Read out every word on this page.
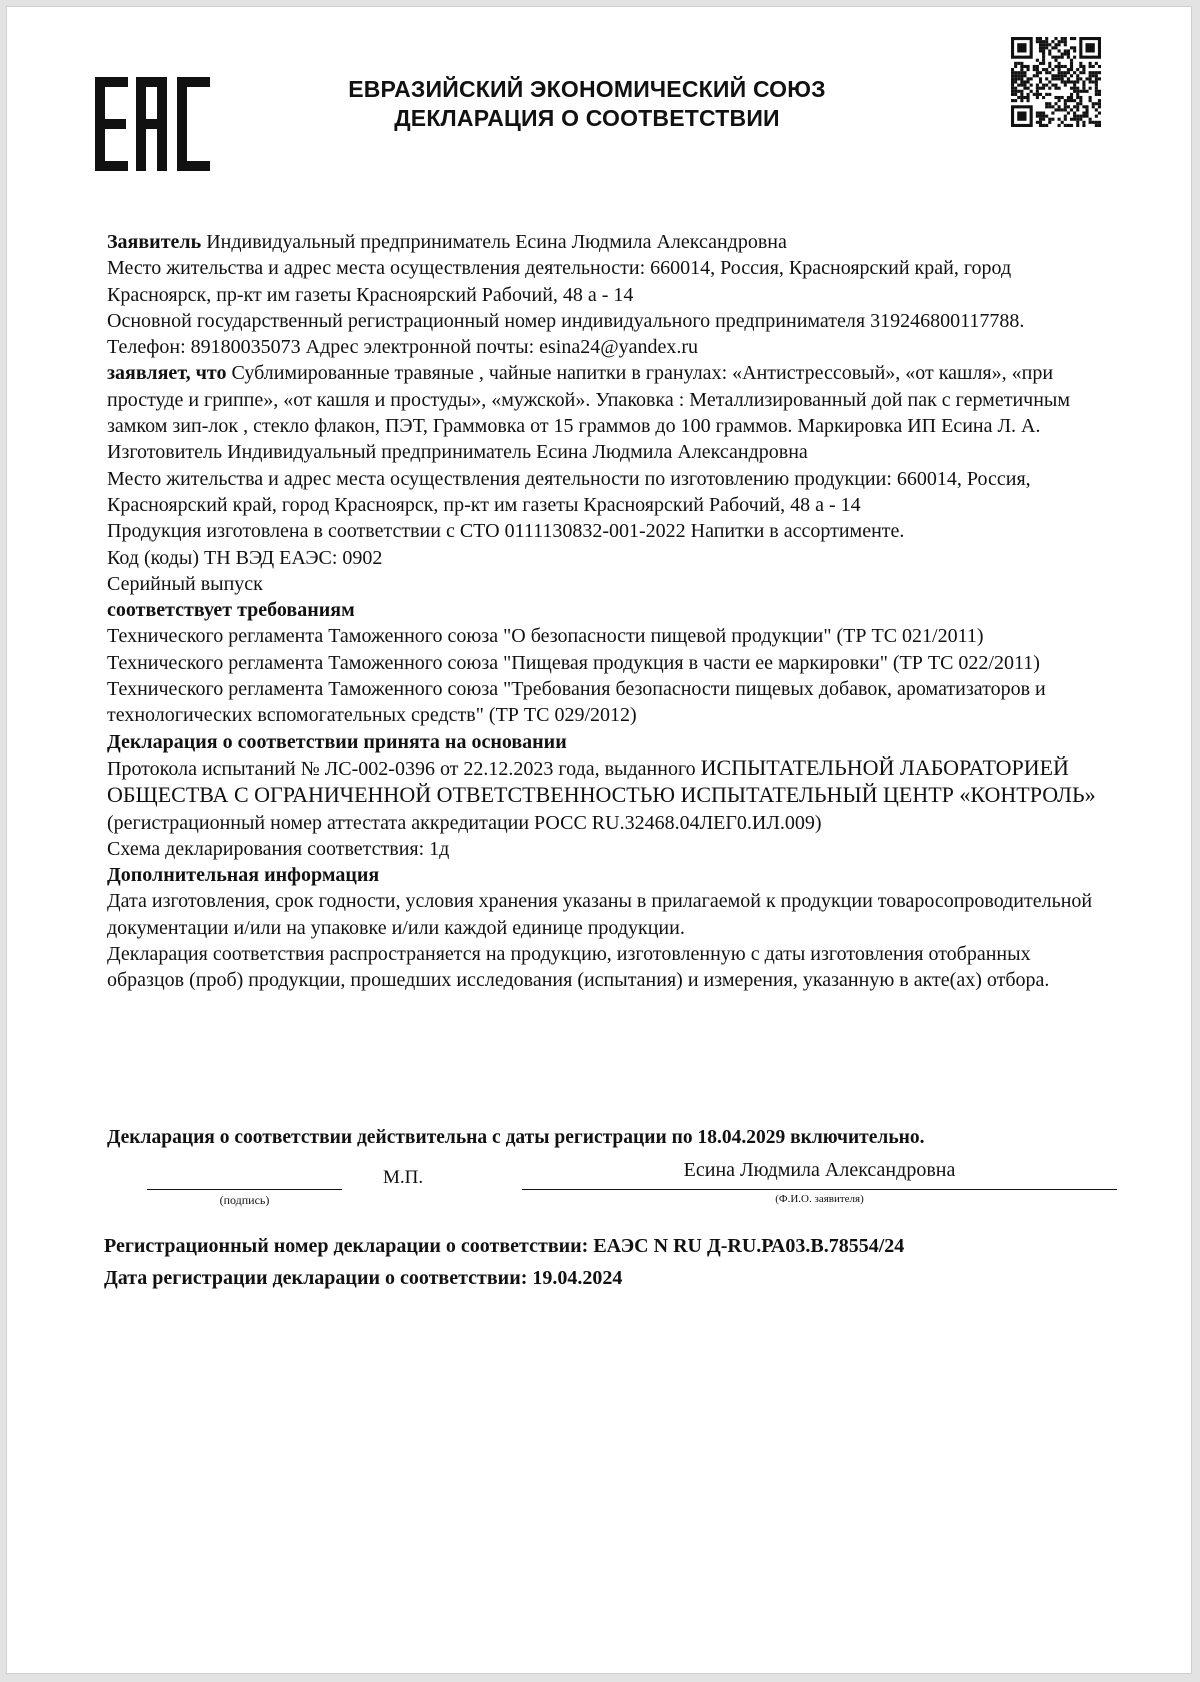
ЕВРАЗИЙСКИЙ ЭКОНОМИЧЕСКИЙ СОЮЗ
ДЕКЛАРАЦИЯ О СООТВЕТСТВИИ

Заявитель Индивидуальный предприниматель Есина Людмила Александровна

Место жительства и адрес места осуществления деятельности: 660014, Россия, Красноярский край, город Красноярск, пр-кт им газеты Красноярский Рабочий, 48 а - 14

Основной государственный регистрационный номер индивидуального предпринимателя 319246800117788.

Телефон: 89180035073 Адрес электронной почты: esina24@yandex.ru

заявляет, что Сублимированные травяные , чайные напитки в гранулах: «Антистрессовый», «от кашля», «при простуде и гриппе», «от кашля и простуды», «мужской». Упаковка : Металлизированный дой пак с герметичным замком зип-лок , стекло флакон, ПЭТ, Граммовка от 15 граммов до 100 граммов. Маркировка ИП Есина Л. А.

Изготовитель Индивидуальный предприниматель Есина Людмила Александровна

Место жительства и адрес места осуществления деятельности по изготовлению продукции: 660014, Россия, Красноярский край, город Красноярск, пр-кт им газеты Красноярский Рабочий, 48 а - 14

Продукция изготовлена в соответствии с СТО 0111130832-001-2022 Напитки в ассортименте.

Код (коды) ТН ВЭД ЕАЭС: 0902

Серийный выпуск

соответствует требованиям

Технического регламента Таможенного союза "О безопасности пищевой продукции" (ТР ТС 021/2011)

Технического регламента Таможенного союза "Пищевая продукция в части ее маркировки" (ТР ТС 022/2011)

Технического регламента Таможенного союза "Требования безопасности пищевых добавок, ароматизаторов и технологических вспомогательных средств" (ТР ТС 029/2012)

Декларация о соответствии принята на основании

Протокола испытаний № ЛС-002-0396 от 22.12.2023 года, выданного ИСПЫТАТЕЛЬНОЙ ЛАБОРАТОРИЕЙ ОБЩЕСТВА С ОГРАНИЧЕННОЙ ОТВЕТСТВЕННОСТЬЮ ИСПЫТАТЕЛЬНЫЙ ЦЕНТР «КОНТРОЛЬ» (регистрационный номер аттестата аккредитации РОСС RU.32468.04ЛЕГ0.ИЛ.009)

Схема декларирования соответствия: 1д

Дополнительная информация

Дата изготовления, срок годности, условия хранения указаны в прилагаемой к продукции товаросопроводительной документации и/или на упаковке и/или каждой единице продукции.

Декларация соответствия распространяется на продукцию, изготовленную с даты изготовления отобранных образцов (проб) продукции, прошедших исследования (испытания) и измерения, указанную в акте(ах) отбора.

Декларация о соответствии действительна с даты регистрации по 18.04.2029 включительно.
(подпись)
М.П.	Есина Людмила Александровна
(Ф.И.О. заявителя)
Регистрационный номер декларации о соответствии: ЕАЭС N RU Д-RU.РА03.В.78554/24
Дата регистрации декларации о соответствии: 19.04.2024
